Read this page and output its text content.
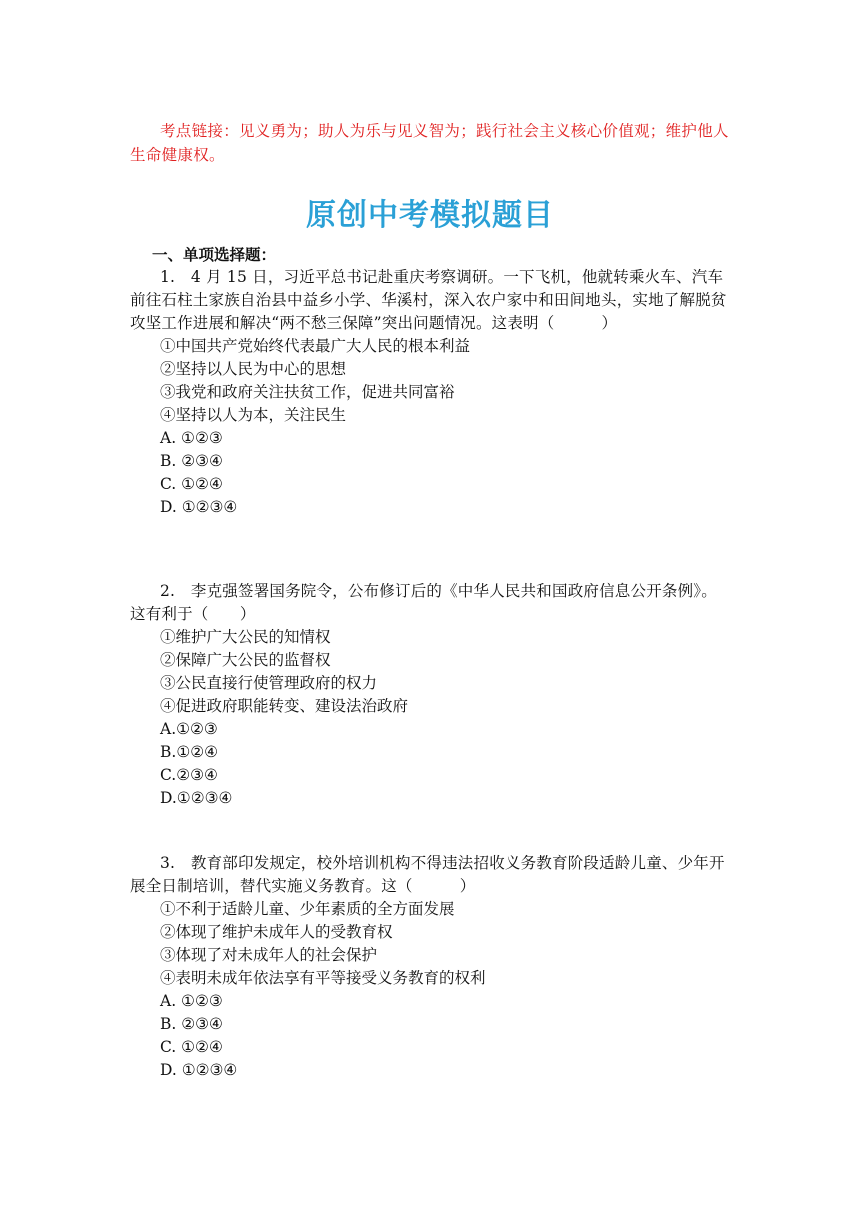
考点链接：见义勇为；助人为乐与见义智为；践行社会主义核心价值观；维护他人生命健康权。

原创中考模拟题目
一、单项选择题：

1.　4 月 15 日，习近平总书记赴重庆考察调研。一下飞机，他就转乘火车、汽车前往石柱土家族自治县中益乡小学、华溪村，深入农户家中和田间地头，实地了解脱贫攻坚工作进展和解决“两不愁三保障”突出问题情况。这表明（　　　）

①中国共产党始终代表最广大人民的根本利益
②坚持以人民为中心的思想
③我党和政府关注扶贫工作，促进共同富裕
④坚持以人为本，关注民生
A. ①②③
B. ②③④
C. ①②④
D. ①②③④

2.　李克强签署国务院令，公布修订后的《中华人民共和国政府信息公开条例》。这有利于（　　）

①维护广大公民的知情权
②保障广大公民的监督权
③公民直接行使管理政府的权力
④促进政府职能转变、建设法治政府
A.①②③
B.①②④
C.②③④
D.①②③④

3.　教育部印发规定，校外培训机构不得违法招收义务教育阶段适龄儿童、少年开展全日制培训，替代实施义务教育。这（　　　）

①不利于适龄儿童、少年素质的全方面发展
②体现了维护未成年人的受教育权
③体现了对未成年人的社会保护
④表明未成年依法享有平等接受义务教育的权利
A. ①②③
B. ②③④
C. ①②④
D. ①②③④
